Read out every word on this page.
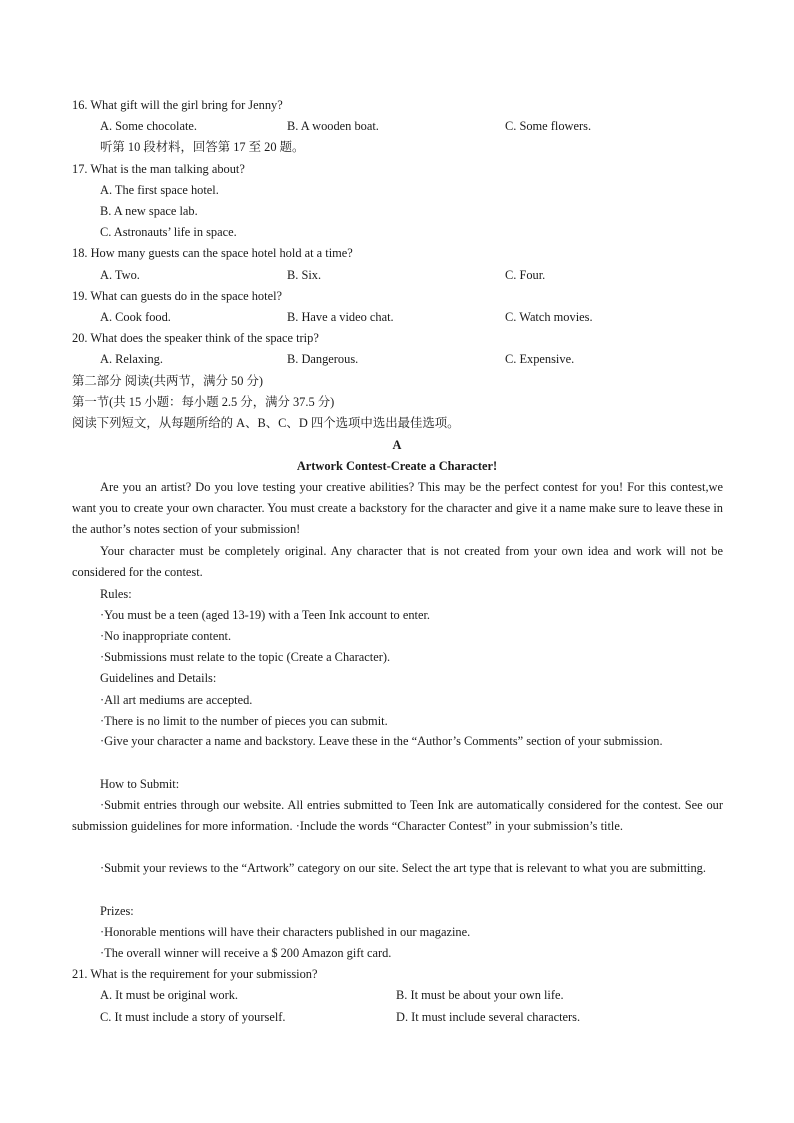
16. What gift will the girl bring for Jenny?
A. Some chocolate.	B. A wooden boat.	C. Some flowers.
听第 10 段材料，回答第 17 至 20 题。
17. What is the man talking about?
A. The first space hotel.
B. A new space lab.
C. Astronauts’ life in space.
18. How many guests can the space hotel hold at a time?
A. Two.	B. Six.	C. Four.
19. What can guests do in the space hotel?
A. Cook food.	B. Have a video chat.	C. Watch movies.
20. What does the speaker think of the space trip?
A. Relaxing.	B. Dangerous.	C. Expensive.
第二部分 阅读(共两节，满分 50 分)
第一节(共 15 小题：每小题 2.5 分，满分 37.5 分)
阅读下列短文，从每题所给的 A、B、C、D 四个选项中选出最佳选项。
A
Artwork Contest-Create a Character!
Are you an artist? Do you love testing your creative abilities? This may be the perfect contest for you! For this contest,we want you to create your own character. You must create a backstory for the character and give it a name make sure to leave these in the author’s notes section of your submission!
Your character must be completely original. Any character that is not created from your own idea and work will not be considered for the contest.
Rules:
·You must be a teen (aged 13-19) with a Teen Ink account to enter.
·No inappropriate content.
·Submissions must relate to the topic (Create a Character).
Guidelines and Details:
·All art mediums are accepted.
·There is no limit to the number of pieces you can submit.
·Give your character a name and backstory. Leave these in the “Author’s Comments” section of your submission.
How to Submit:
·Submit entries through our website. All entries submitted to Teen Ink are automatically considered for the contest. See our submission guidelines for more information. ·Include the words “Character Contest” in your submission’s title.
·Submit your reviews to the “Artwork” category on our site. Select the art type that is relevant to what you are submitting.
Prizes:
·Honorable mentions will have their characters published in our magazine.
·The overall winner will receive a $ 200 Amazon gift card.
21. What is the requirement for your submission?
A. It must be original work.	B. It must be about your own life.
C. It must include a story of yourself.	D. It must include several characters.
